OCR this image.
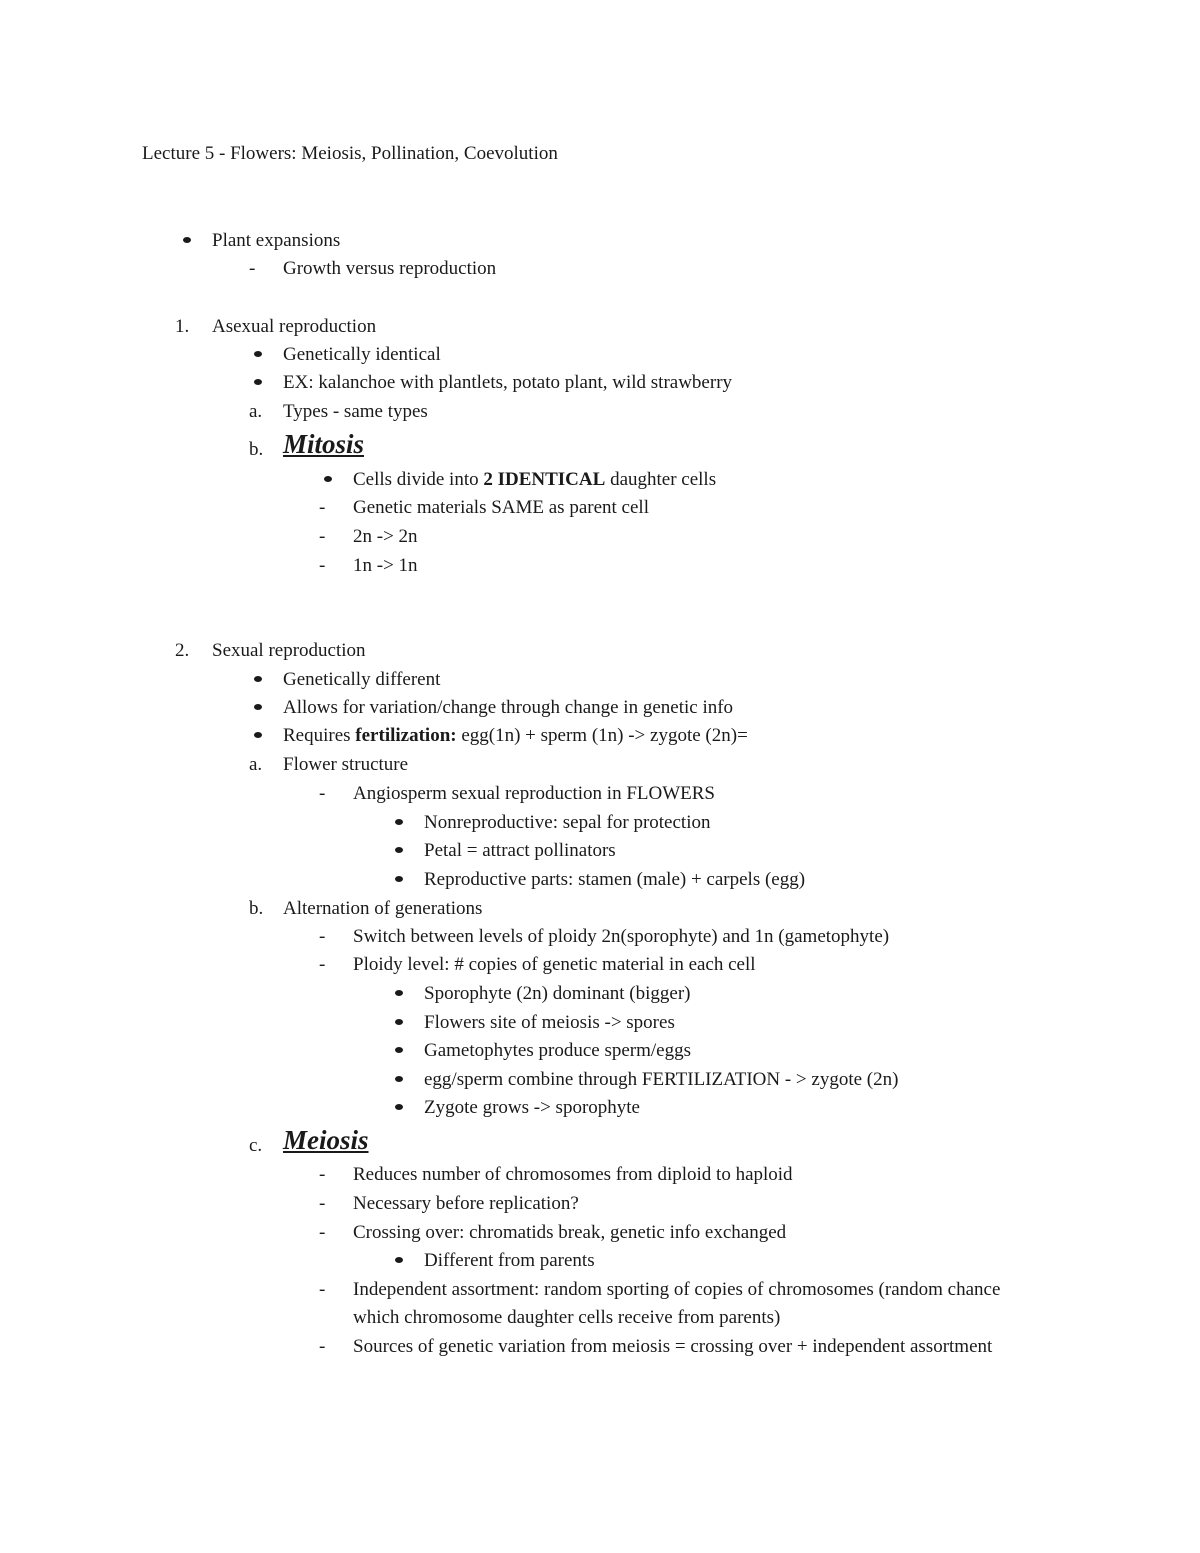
Lecture 5 - Flowers: Meiosis, Pollination, Coevolution
Plant expansions
Growth versus reproduction
1. Asexual reproduction
Genetically identical
EX: kalanchoe with plantlets, potato plant, wild strawberry
a. Types - same types
b. Mitosis
Cells divide into 2 IDENTICAL daughter cells
Genetic materials SAME as parent cell
2n -> 2n
1n -> 1n
2. Sexual reproduction
Genetically different
Allows for variation/change through change in genetic info
Requires fertilization: egg(1n) + sperm (1n) -> zygote (2n)=
a. Flower structure
Angiosperm sexual reproduction in FLOWERS
Nonreproductive: sepal for protection
Petal = attract pollinators
Reproductive parts: stamen (male) + carpels (egg)
b. Alternation of generations
Switch between levels of ploidy 2n(sporophyte) and 1n (gametophyte)
Ploidy level: # copies of genetic material in each cell
Sporophyte (2n) dominant (bigger)
Flowers site of meiosis -> spores
Gametophytes produce sperm/eggs
egg/sperm combine through FERTILIZATION - > zygote (2n)
Zygote grows -> sporophyte
c. Meiosis
Reduces number of chromosomes from diploid to haploid
Necessary before replication?
Crossing over: chromatids break, genetic info exchanged
Different from parents
Independent assortment: random sporting of copies of chromosomes (random chance which chromosome daughter cells receive from parents)
Sources of genetic variation from meiosis = crossing over + independent assortment
